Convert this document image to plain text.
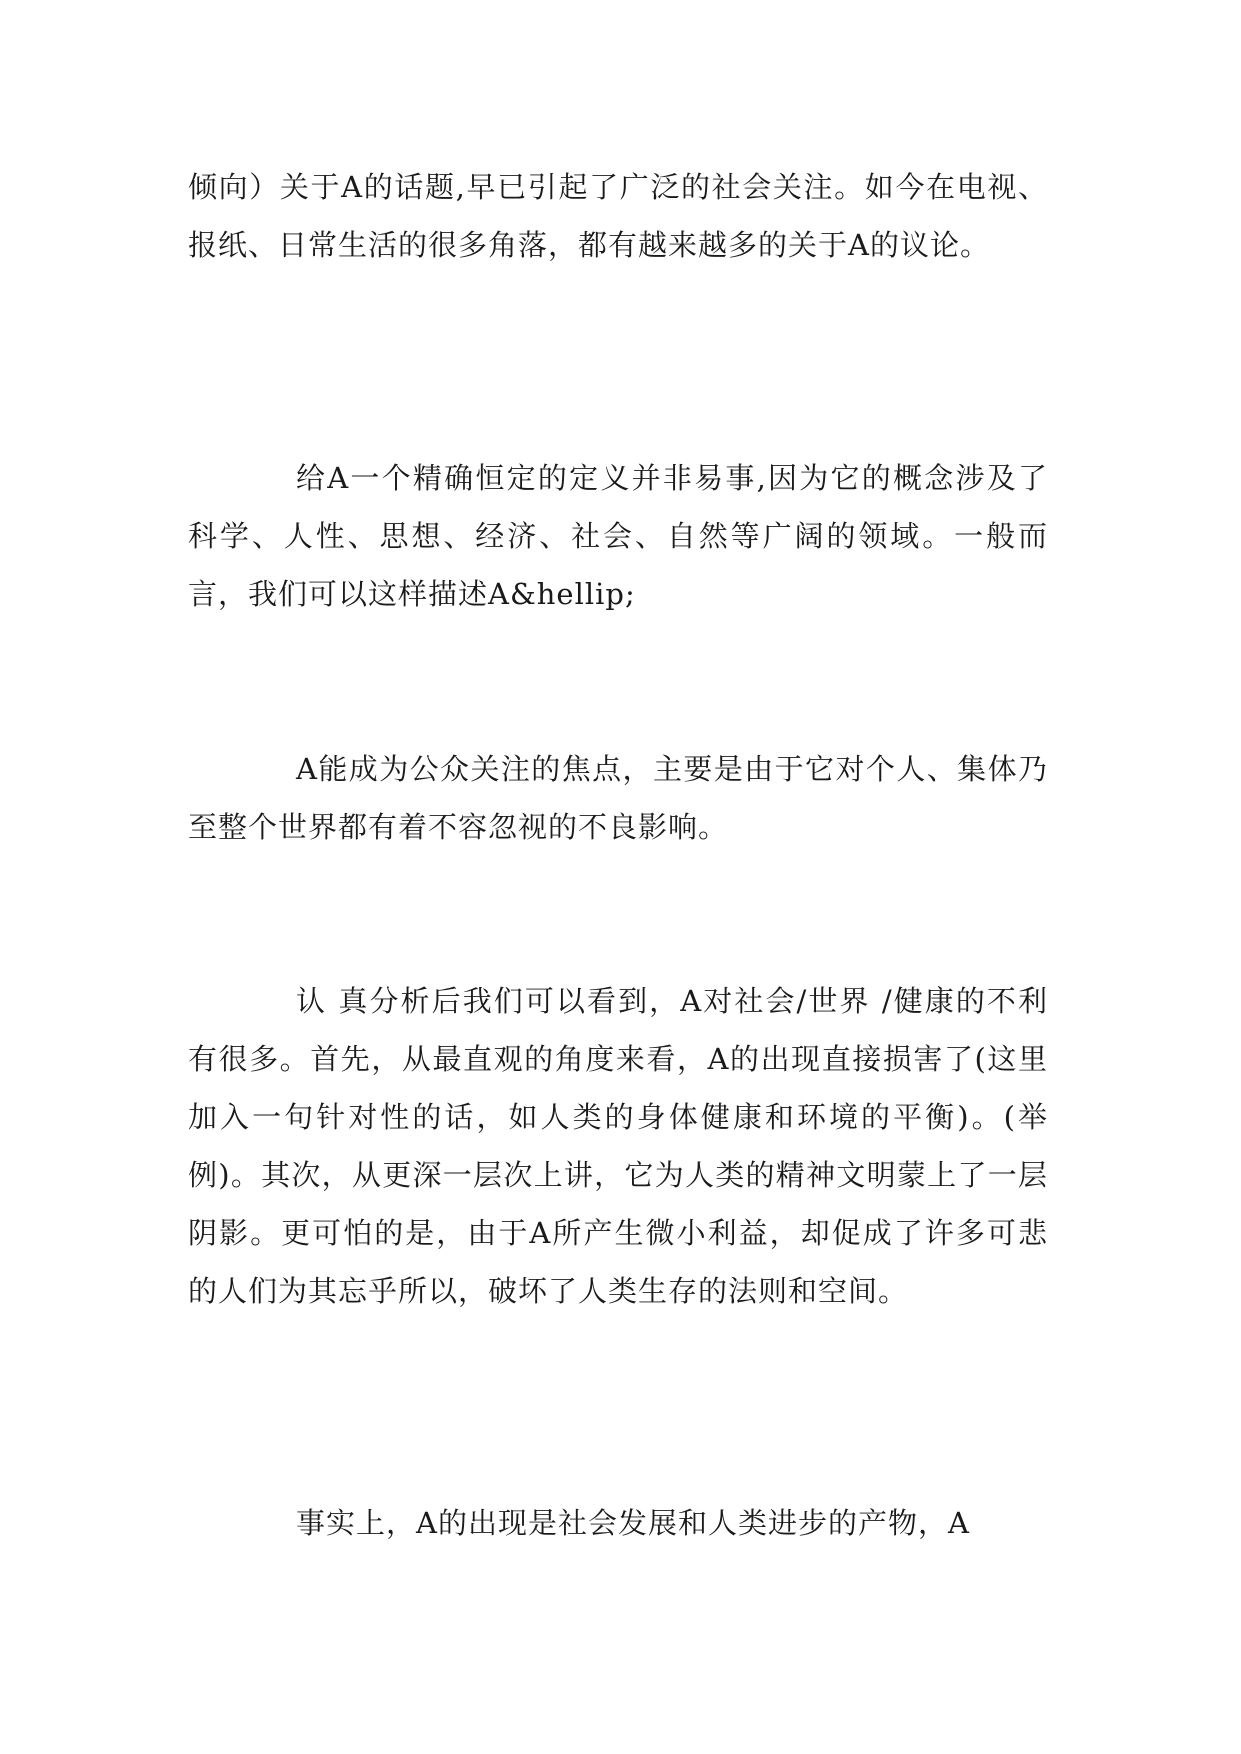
倾向）关于A的话题,早已引起了广泛的社会关注。如今在电视、报纸、日常生活的很多角落，都有越来越多的关于A的议论。

给A一个精确恒定的定义并非易事,因为它的概念涉及了科学、人性、思想、经济、社会、自然等广阔的领域。一般而言，我们可以这样描述A&hellip;

A能成为公众关注的焦点，主要是由于它对个人、集体乃至整个世界都有着不容忽视的不良影响。

认 真分析后我们可以看到，A对社会/世界 /健康的不利有很多。首先，从最直观的角度来看，A的出现直接损害了(这里加入一句针对性的话，如人类的身体健康和环境的平衡)。(举例)。其次，从更深一层次上讲，它为人类的精神文明蒙上了一层阴影。更可怕的是，由于A所产生微小利益，却促成了许多可悲的人们为其忘乎所以，破坏了人类生存的法则和空间。

事实上，A的出现是社会发展和人类进步的产物，A
